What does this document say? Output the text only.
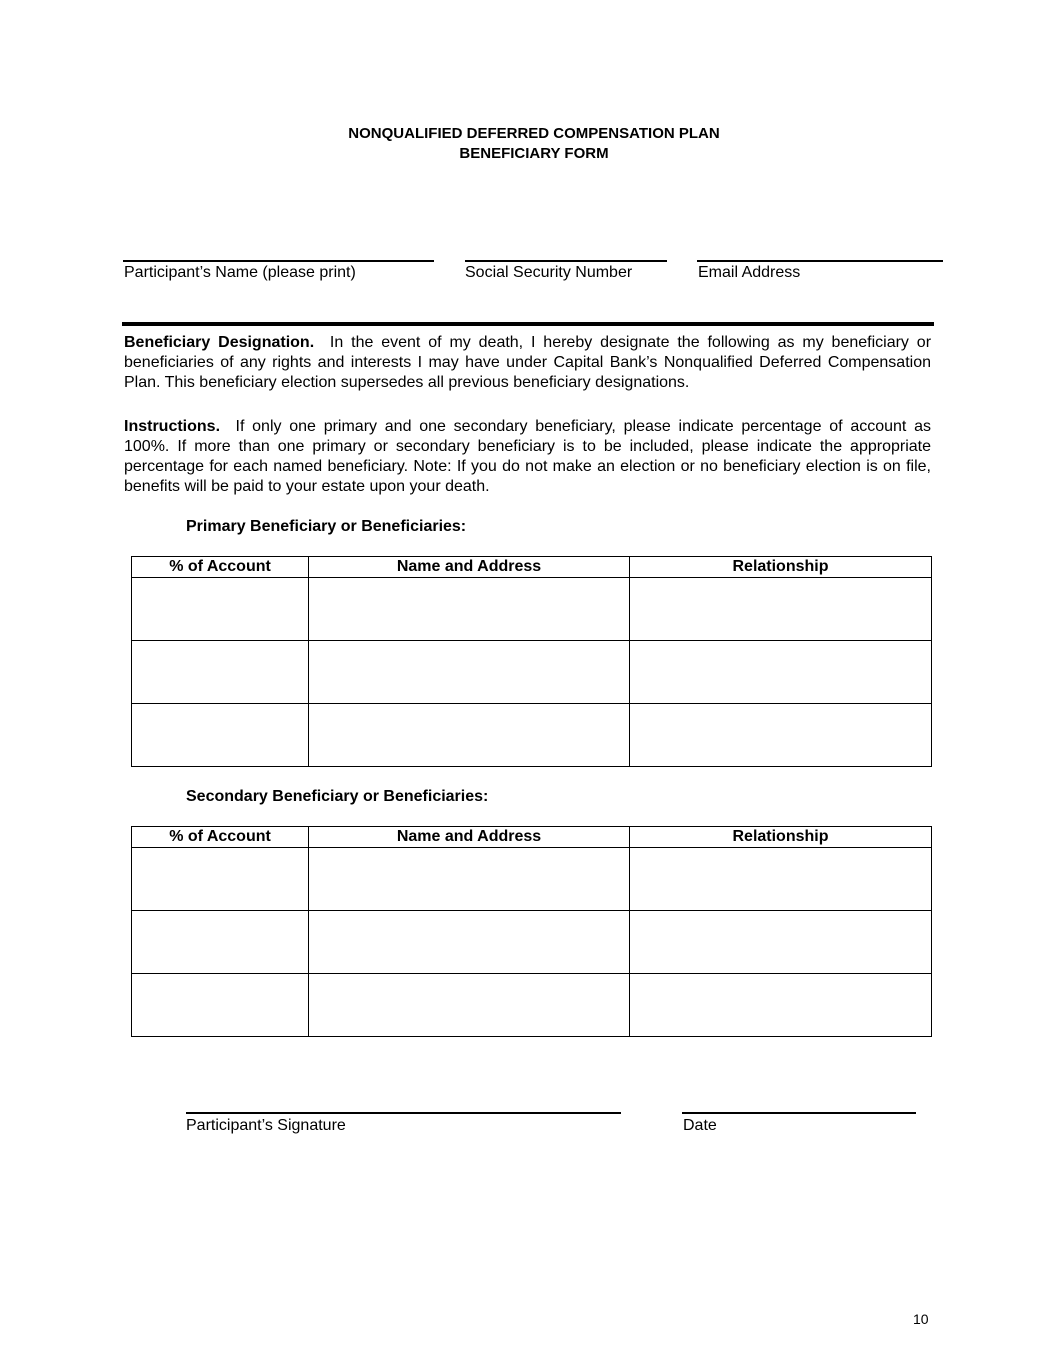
NONQUALIFIED DEFERRED COMPENSATION PLAN
BENEFICIARY FORM
Participant’s Name (please print)	Social Security Number	Email Address
Beneficiary Designation. In the event of my death, I hereby designate the following as my beneficiary or beneficiaries of any rights and interests I may have under Capital Bank’s Nonqualified Deferred Compensation Plan. This beneficiary election supersedes all previous beneficiary designations.
Instructions. If only one primary and one secondary beneficiary, please indicate percentage of account as 100%. If more than one primary or secondary beneficiary is to be included, please indicate the appropriate percentage for each named beneficiary. Note: If you do not make an election or no beneficiary election is on file, benefits will be paid to your estate upon your death.
Primary Beneficiary or Beneficiaries:
% of Account	Name and Address	Relationship

Secondary Beneficiary or Beneficiaries:
% of Account	Name and Address	Relationship

Participant’s Signature	Date
10
